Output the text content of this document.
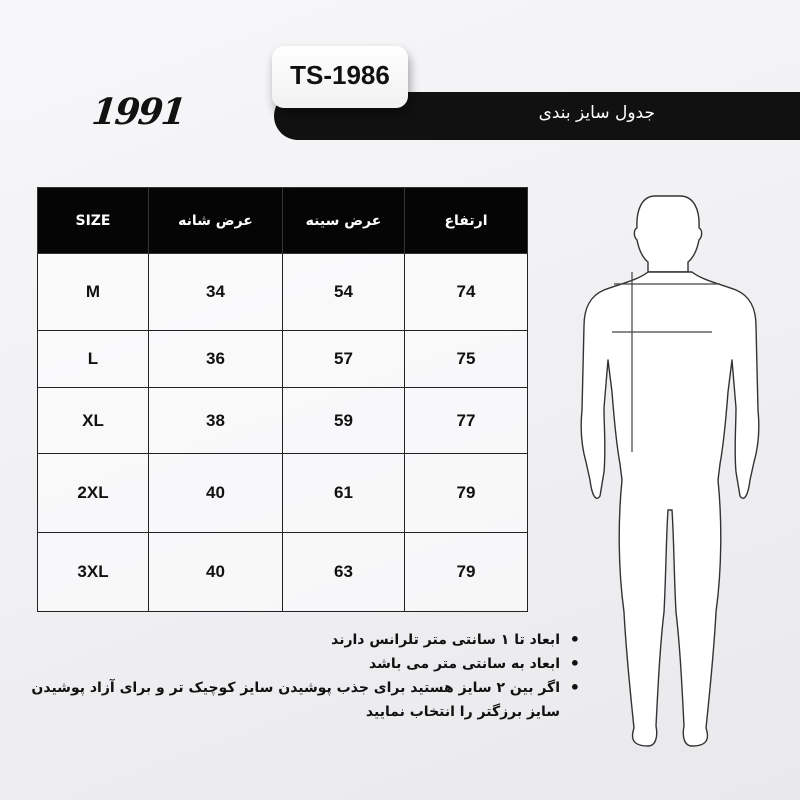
1991	جدول سایز بندی
TS-1986
SIZE	عرض شانه	عرض سینه	ارتفاع
M	34	54	74
L	36	57	75
XL	38	59	77
2XL	40	61	79
3XL	40	63	79
• ابعاد تا ۱ سانتی متر تلرانس دارند
• ابعاد به سانتی متر می باشد
• اگر بین ۲ سایز هستید برای جذب پوشیدن سایز کوچیک تر و برای آزاد پوشیدن سایز برزگتر را انتخاب نمایید
